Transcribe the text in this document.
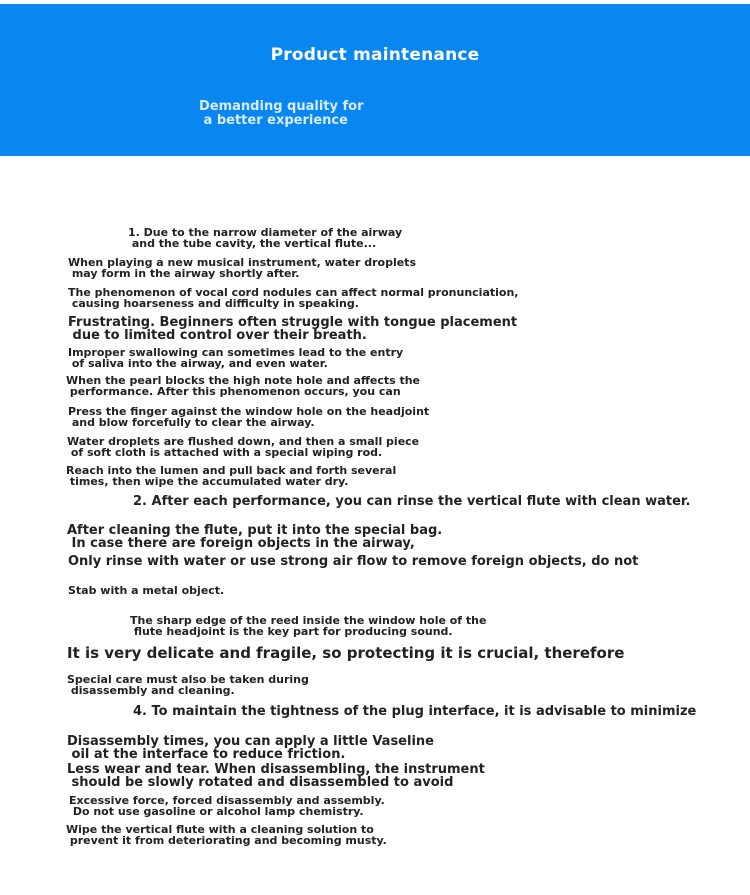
Product maintenance
Demanding quality for
a better experience
1. Due to the narrow diameter of the airway
and the tube cavity, the vertical flute...
When playing a new musical instrument, water droplets
may form in the airway shortly after.
The phenomenon of vocal cord nodules can affect normal pronunciation,
causing hoarseness and difficulty in speaking.
Frustrating. Beginners often struggle with tongue placement
due to limited control over their breath.
Improper swallowing can sometimes lead to the entry
of saliva into the airway, and even water.
When the pearl blocks the high note hole and affects the
performance. After this phenomenon occurs, you can
Press the finger against the window hole on the headjoint
and blow forcefully to clear the airway.
Water droplets are flushed down, and then a small piece
of soft cloth is attached with a special wiping rod.
Reach into the lumen and pull back and forth several
times, then wipe the accumulated water dry.
2. After each performance, you can rinse the vertical flute with clean water.
After cleaning the flute, put it into the special bag.
In case there are foreign objects in the airway,
Only rinse with water or use strong air flow to remove foreign objects, do not
Stab with a metal object.
The sharp edge of the reed inside the window hole of the
flute headjoint is the key part for producing sound.
It is very delicate and fragile, so protecting it is crucial, therefore
Special care must also be taken during
disassembly and cleaning.
4. To maintain the tightness of the plug interface, it is advisable to minimize
Disassembly times, you can apply a little Vaseline
oil at the interface to reduce friction.
Less wear and tear. When disassembling, the instrument
should be slowly rotated and disassembled to avoid
Excessive force, forced disassembly and assembly.
Do not use gasoline or alcohol lamp chemistry.
Wipe the vertical flute with a cleaning solution to
prevent it from deteriorating and becoming musty.
